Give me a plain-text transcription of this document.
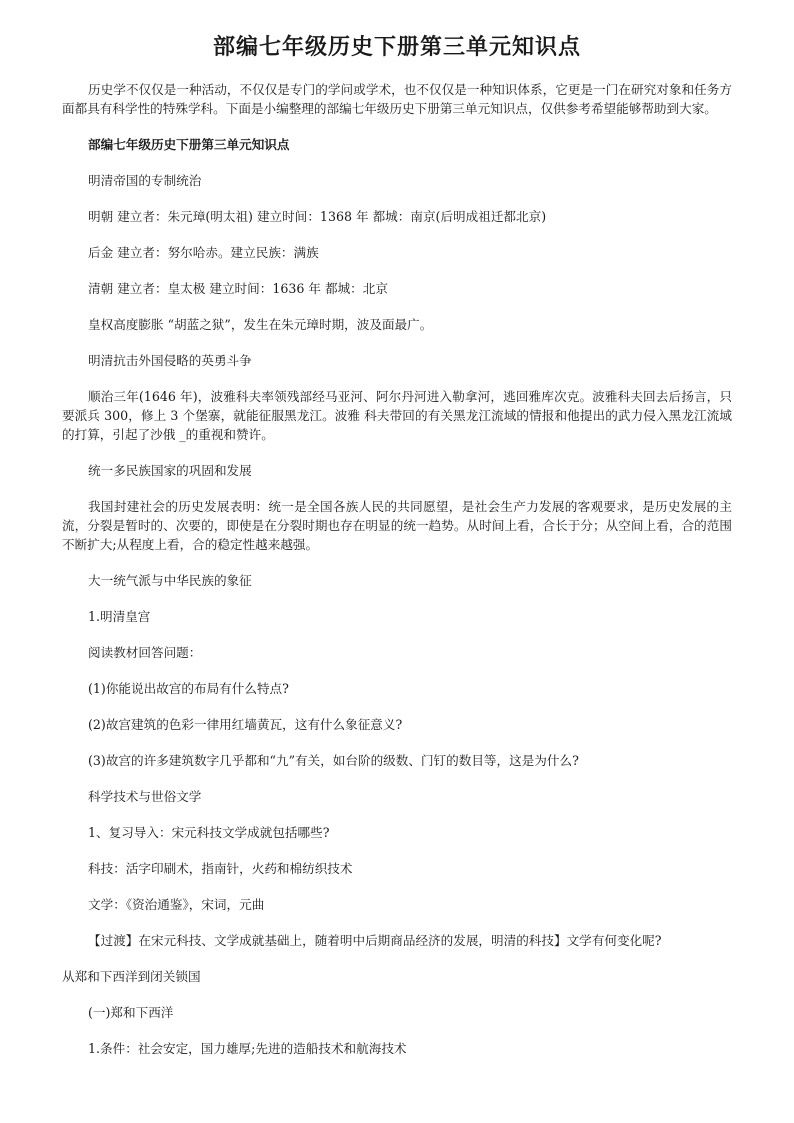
部编七年级历史下册第三单元知识点

历史学不仅仅是一种活动，不仅仅是专门的学问或学术，也不仅仅是一种知识体系，它更是一门在研究对象和任务方面都具有科学性的特殊学科。下面是小编整理的部编七年级历史下册第三单元知识点，仅供参考希望能够帮助到大家。

部编七年级历史下册第三单元知识点

明清帝国的专制统治

明朝 建立者：朱元璋(明太祖) 建立时间：1368 年 都城：南京(后明成祖迁都北京)

后金 建立者：努尔哈赤。建立民族：满族

清朝 建立者：皇太极 建立时间：1636 年 都城：北京

皇权高度膨胀 “胡蓝之狱”，发生在朱元璋时期，波及面最广。

明清抗击外国侵略的英勇斗争

顺治三年(1646 年)，波雅科夫率领残部经马亚河、阿尔丹河进入勒拿河，逃回雅库次克。波雅科夫回去后扬言，只要派兵 300，修上 3 个堡寨，就能征服黑龙江。波雅 科夫带回的有关黑龙江流域的情报和他提出的武力侵入黑龙江流域的打算，引起了沙俄 _的重视和赞许。

统一多民族国家的巩固和发展

我国封建社会的历史发展表明：统一是全国各族人民的共同愿望，是社会生产力发展的客观要求，是历史发展的主流，分裂是暂时的、次要的，即使是在分裂时期也存在明显的统一趋势。从时间上看，合长于分；从空间上看，合的范围不断扩大;从程度上看，合的稳定性越来越强。

大一统气派与中华民族的象征

1.明清皇宫

阅读教材回答问题：

(1)你能说出故宫的布局有什么特点?

(2)故宫建筑的色彩一律用红墙黄瓦，这有什么象征意义?

(3)故宫的许多建筑数字几乎都和“九”有关，如台阶的级数、门钉的数目等，这是为什么?

科学技术与世俗文学

1、复习导入：宋元科技文学成就包括哪些?

科技：活字印刷术，指南针，火药和棉纺织技术

文学：《资治通鉴》，宋词，元曲

【过渡】在宋元科技、文学成就基础上，随着明中后期商品经济的发展，明清的科技】文学有何变化呢?

从郑和下西洋到闭关锁国

(一)郑和下西洋

1.条件：社会安定，国力雄厚;先进的造船技术和航海技术
